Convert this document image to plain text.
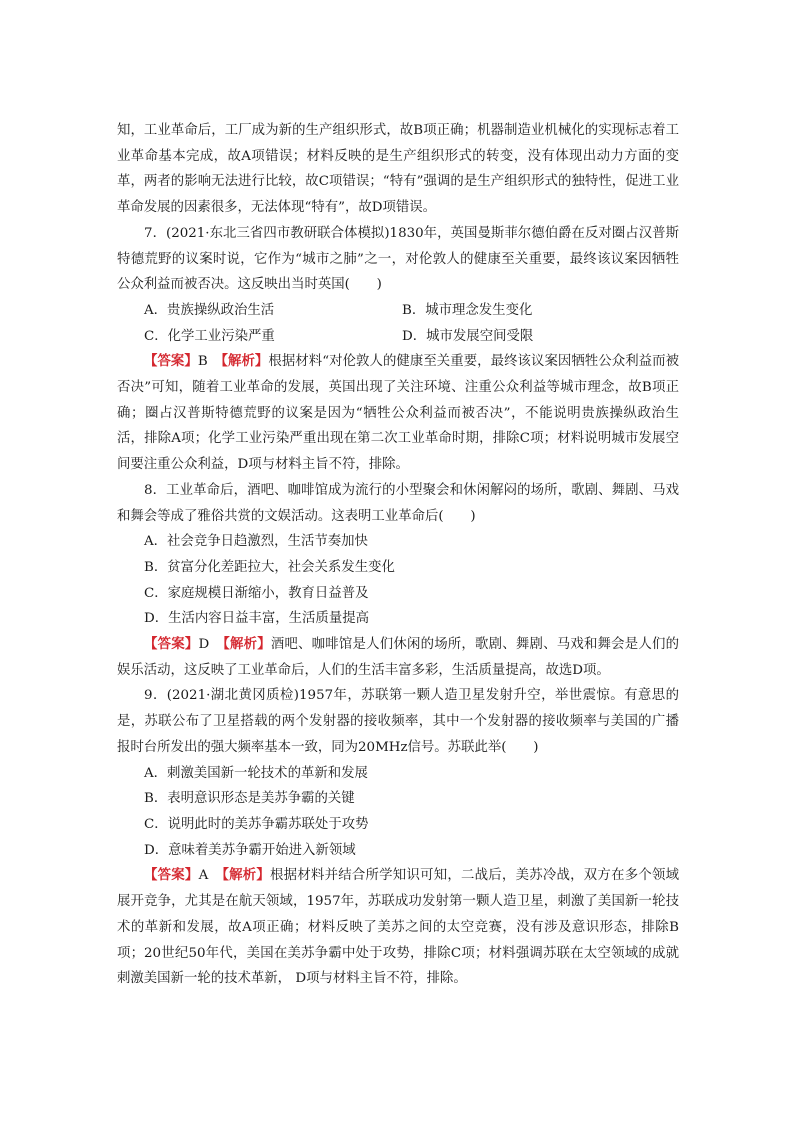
知，工业革命后，工厂成为新的生产组织形式，故B项正确；机器制造业机械化的实现标志着工业革命基本完成，故A项错误；材料反映的是生产组织形式的转变，没有体现出动力方面的变革，两者的影响无法进行比较，故C项错误；“特有”强调的是生产组织形式的独特性，促进工业革命发展的因素很多，无法体现“特有”，故D项错误。

7．(2021·东北三省四市教研联合体模拟)1830年，英国曼斯菲尔德伯爵在反对圈占汉普斯特德荒野的议案时说，它作为“城市之肺”之一，对伦敦人的健康至关重要，最终该议案因牺牲公众利益而被否决。这反映出当时英国(　　)

A．贵族操纵政治生活	B．城市理念发生变化
C．化学工业污染严重	D．城市发展空间受限

【答案】B　 【解析】根据材料“对伦敦人的健康至关重要，最终该议案因牺牲公众利益而被否决”可知，随着工业革命的发展，英国出现了关注环境、注重公众利益等城市理念，故B项正确；圈占汉普斯特德荒野的议案是因为“牺牲公众利益而被否决”，不能说明贵族操纵政治生活，排除A项；化学工业污染严重出现在第二次工业革命时期，排除C项；材料说明城市发展空间要注重公众利益，D项与材料主旨不符，排除。

8．工业革命后，酒吧、咖啡馆成为流行的小型聚会和休闲解闷的场所，歌剧、舞剧、马戏和舞会等成了雅俗共赏的文娱活动。这表明工业革命后(　　)

A．社会竞争日趋激烈，生活节奏加快

B．贫富分化差距拉大，社会关系发生变化

C．家庭规模日渐缩小，教育日益普及

D．生活内容日益丰富，生活质量提高

【答案】D　 【解析】酒吧、咖啡馆是人们休闲的场所，歌剧、舞剧、马戏和舞会是人们的娱乐活动，这反映了工业革命后，人们的生活丰富多彩，生活质量提高，故选D项。

9．(2021·湖北黄冈质检)1957年，苏联第一颗人造卫星发射升空，举世震惊。有意思的是，苏联公布了卫星搭载的两个发射器的接收频率，其中一个发射器的接收频率与美国的广播报时台所发出的强大频率基本一致，同为20MHz信号。苏联此举(　　)

A．刺激美国新一轮技术的革新和发展

B．表明意识形态是美苏争霸的关键

C．说明此时的美苏争霸苏联处于攻势

D．意味着美苏争霸开始进入新领域

【答案】A　 【解析】根据材料并结合所学知识可知，二战后，美苏冷战，双方在多个领域展开竞争，尤其是在航天领域，1957年，苏联成功发射第一颗人造卫星，刺激了美国新一轮技术的革新和发展，故A项正确；材料反映了美苏之间的太空竞赛，没有涉及意识形态，排除B项；20世纪50年代，美国在美苏争霸中处于攻势，排除C项；材料强调苏联在太空领域的成就刺激美国新一轮的技术革新， D项与材料主旨不符，排除。
